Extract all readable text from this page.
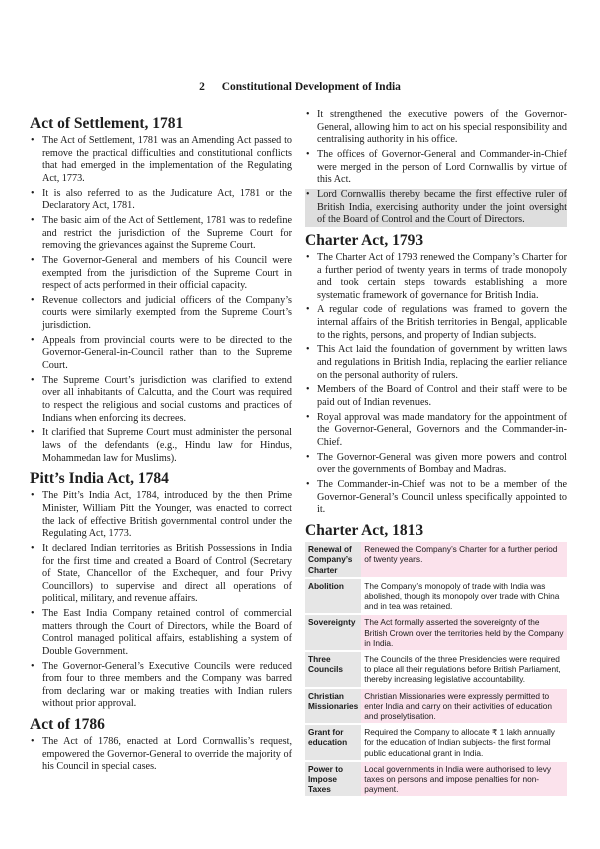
2 Constitutional Development of India
Act of Settlement, 1781
• The Act of Settlement, 1781 was an Amending Act passed to remove the practical difficulties and constitutional conflicts that had emerged in the implementation of the Regulating Act, 1773.
• It is also referred to as the Judicature Act, 1781 or the Declaratory Act, 1781.
• The basic aim of the Act of Settlement, 1781 was to redefine and restrict the jurisdiction of the Supreme Court for removing the grievances against the Supreme Court.
• The Governor-General and members of his Council were exempted from the jurisdiction of the Supreme Court in respect of acts performed in their official capacity.
• Revenue collectors and judicial officers of the Company’s courts were similarly exempted from the Supreme Court’s jurisdiction.
• Appeals from provincial courts were to be directed to the Governor-General-in-Council rather than to the Supreme Court.
• The Supreme Court’s jurisdiction was clarified to extend over all inhabitants of Calcutta, and the Court was required to respect the religious and social customs and practices of Indians when enforcing its decrees.
• It clarified that Supreme Court must administer the personal laws of the defendants (e.g., Hindu law for Hindus, Mohammedan law for Muslims).
Pitt’s India Act, 1784
• The Pitt’s India Act, 1784, introduced by the then Prime Minister, William Pitt the Younger, was enacted to correct the lack of effective British governmental control under the Regulating Act, 1773.
• It declared Indian territories as British Possessions in India for the first time and created a Board of Control (Secretary of State, Chancellor of the Exchequer, and four Privy Councillors) to supervise and direct all operations of political, military, and revenue affairs.
• The East India Company retained control of commercial matters through the Court of Directors, while the Board of Control managed political affairs, establishing a system of Double Government.
• The Governor-General’s Executive Councils were reduced from four to three members and the Company was barred from declaring war or making treaties with Indian rulers without prior approval.
Act of 1786
• The Act of 1786, enacted at Lord Cornwallis’s request, empowered the Governor-General to override the majority of his Council in special cases.
• It strengthened the executive powers of the Governor-General, allowing him to act on his special responsibility and centralising authority in his office.
• The offices of Governor-General and Commander-in-Chief were merged in the person of Lord Cornwallis by virtue of this Act.
• Lord Cornwallis thereby became the first effective ruler of British India, exercising authority under the joint oversight of the Board of Control and the Court of Directors.
Charter Act, 1793
• The Charter Act of 1793 renewed the Company’s Charter for a further period of twenty years in terms of trade monopoly and took certain steps towards establishing a more systematic framework of governance for British India.
• A regular code of regulations was framed to govern the internal affairs of the British territories in Bengal, applicable to the rights, persons, and property of Indian subjects.
• This Act laid the foundation of government by written laws and regulations in British India, replacing the earlier reliance on the personal authority of rulers.
• Members of the Board of Control and their staff were to be paid out of Indian revenues.
• Royal approval was made mandatory for the appointment of the Governor-General, Governors and the Commander-in-Chief.
• The Governor-General was given more powers and control over the governments of Bombay and Madras.
• The Commander-in-Chief was not to be a member of the Governor-General’s Council unless specifically appointed to it.
Charter Act, 1813
Renewal of Company’s Charter	Renewed the Company’s Charter for a further period of twenty years.
Abolition	The Company’s monopoly of trade with India was abolished, though its monopoly over trade with China and in tea was retained.
Sovereignty	The Act formally asserted the sovereignty of the British Crown over the territories held by the Company in India.
Three Councils	The Councils of the three Presidencies were required to place all their regulations before British Parliament, thereby increasing legislative accountability.
Christian Missionaries	Christian Missionaries were expressly permitted to enter India and carry on their activities of education and proselytisation.
Grant for education	Required the Company to allocate ₹ 1 lakh annually for the education of Indian subjects- the first formal public educational grant in India.
Power to Impose Taxes	Local governments in India were authorised to levy taxes on persons and impose penalties for non-payment.
